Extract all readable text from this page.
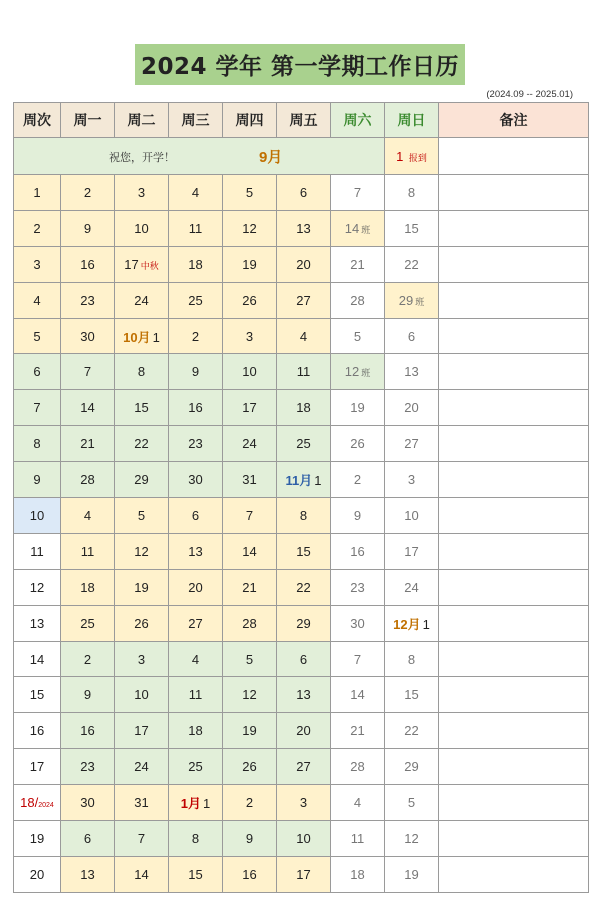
2024 学年 第一学期工作日历
(2024.09 -- 2025.01)
周次	周一	周二	周三	周四	周五	周六	周日	备注

祝您，开学！ 9月							1 报到	
1	2	3	4	5	6	7	8	
2	9	10	11	12	13	14 班	15	
3	16	17 中秋	18	19	20	21	22	
4	23	24	25	26	27	28	29 班	
5	30	10月 1	2	3	4	5	6	
6	7	8	9	10	11	12 班	13	
7	14	15	16	17	18	19	20	
8	21	22	23	24	25	26	27	
9	28	29	30	31	11月 1	2	3	
10	4	5	6	7	8	9	10	
11	11	12	13	14	15	16	17	
12	18	19	20	21	22	23	24	
13	25	26	27	28	29	30	12月 1	
14	2	3	4	5	6	7	8	
15	9	10	11	12	13	14	15	
16	16	17	18	19	20	21	22	
17	23	24	25	26	27	28	29	
18/2024	30	31	1月 1	2	3	4	5	
19	6	7	8	9	10	11	12	
20	13	14	15	16	17	18	19	
